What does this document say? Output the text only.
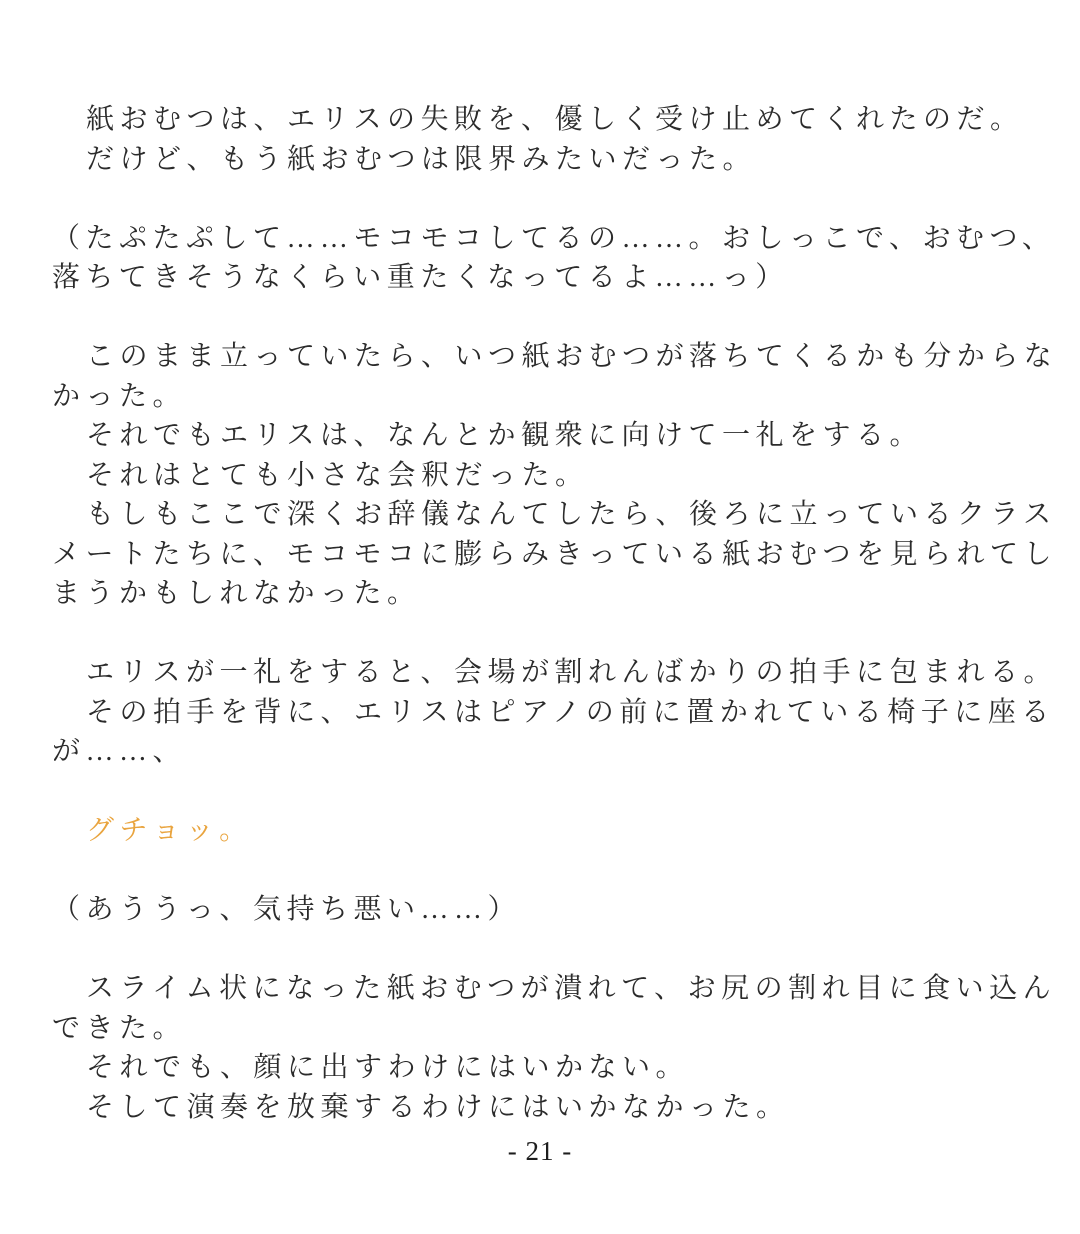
紙おむつは、エリスの失敗を、優しく受け止めてくれたのだ。
だけど、もう紙おむつは限界みたいだった。
（たぷたぷして……モコモコしてるの……。おしっこで、おむつ、
落ちてきそうなくらい重たくなってるよ……っ）
このまま立っていたら、いつ紙おむつが落ちてくるかも分からな
かった。
それでもエリスは、なんとか観衆に向けて一礼をする。
それはとても小さな会釈だった。
もしもここで深くお辞儀なんてしたら、後ろに立っているクラス
メートたちに、モコモコに膨らみきっている紙おむつを見られてし
まうかもしれなかった。
エリスが一礼をすると、会場が割れんばかりの拍手に包まれる。
その拍手を背に、エリスはピアノの前に置かれている椅子に座る
が……、
グチョッ。
（あううっ、気持ち悪い……）
スライム状になった紙おむつが潰れて、お尻の割れ目に食い込ん
できた。
それでも、顔に出すわけにはいかない。
そして演奏を放棄するわけにはいかなかった。
- 21 -
